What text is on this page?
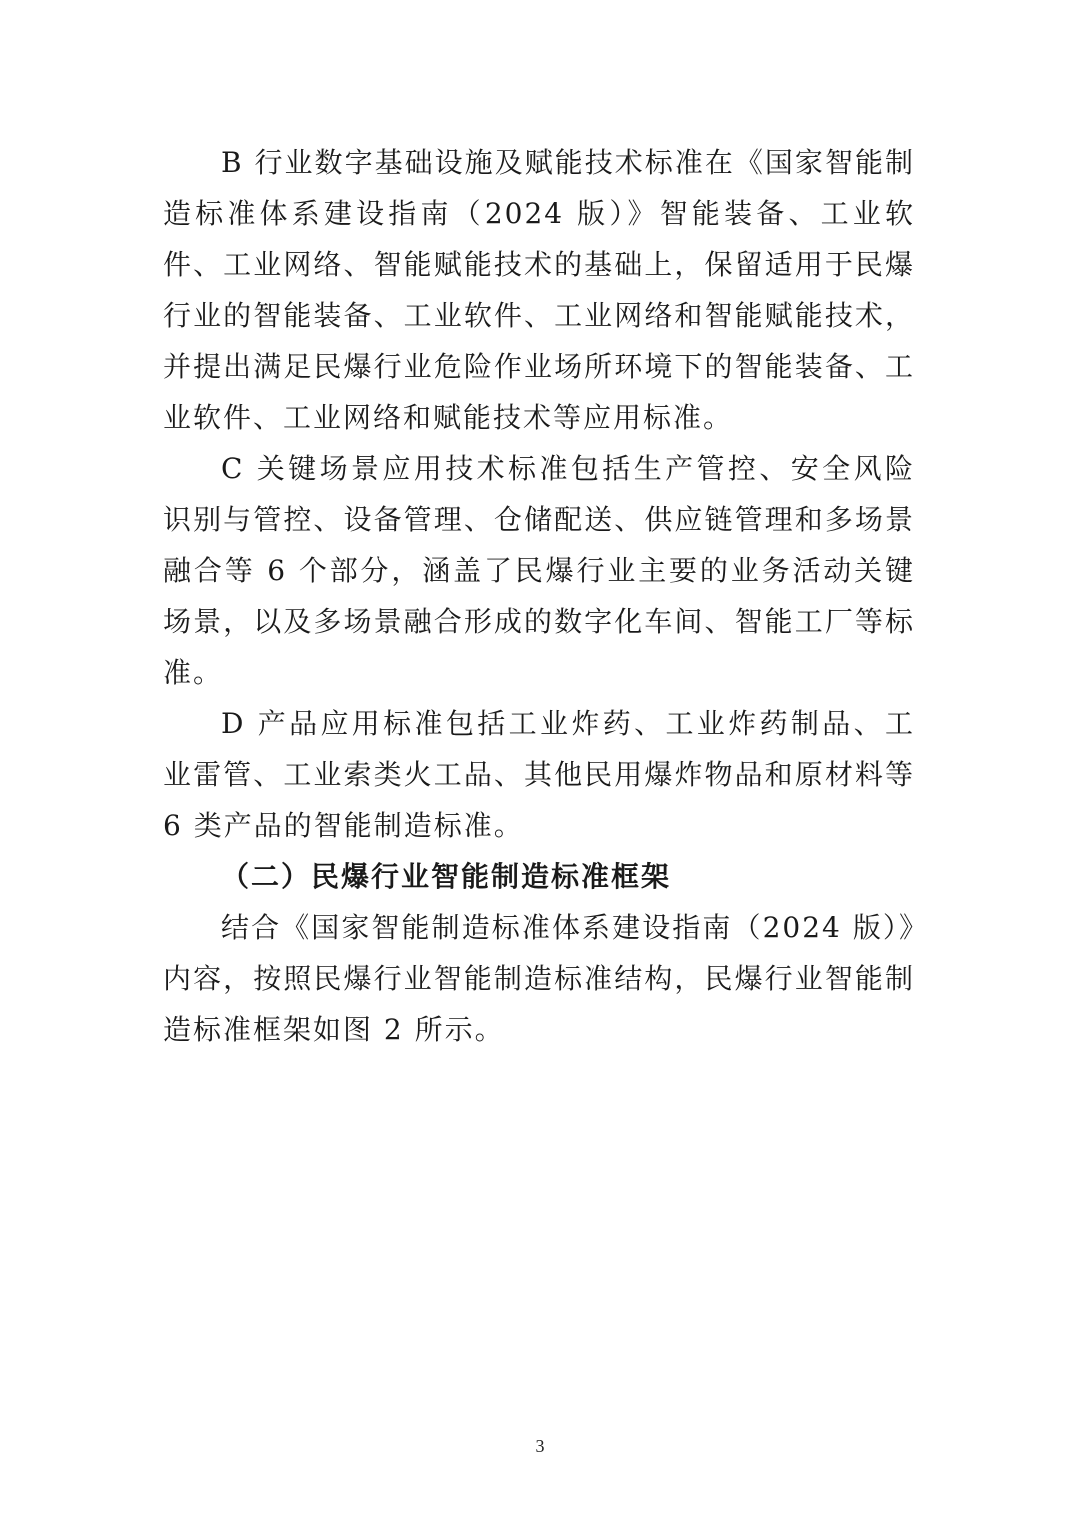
B 行业数字基础设施及赋能技术标准在《国家智能制造标准体系建设指南（2024 版）》智能装备、工业软件、工业网络、智能赋能技术的基础上，保留适用于民爆行业的智能装备、工业软件、工业网络和智能赋能技术，并提出满足民爆行业危险作业场所环境下的智能装备、工业软件、工业网络和赋能技术等应用标准。

C 关键场景应用技术标准包括生产管控、安全风险识别与管控、设备管理、仓储配送、供应链管理和多场景融合等 6 个部分，涵盖了民爆行业主要的业务活动关键场景，以及多场景融合形成的数字化车间、智能工厂等标准。

D 产品应用标准包括工业炸药、工业炸药制品、工业雷管、工业索类火工品、其他民用爆炸物品和原材料等 6 类产品的智能制造标准。

（二）民爆行业智能制造标准框架

结合《国家智能制造标准体系建设指南（2024 版）》内容，按照民爆行业智能制造标准结构，民爆行业智能制造标准框架如图 2 所示。

3
